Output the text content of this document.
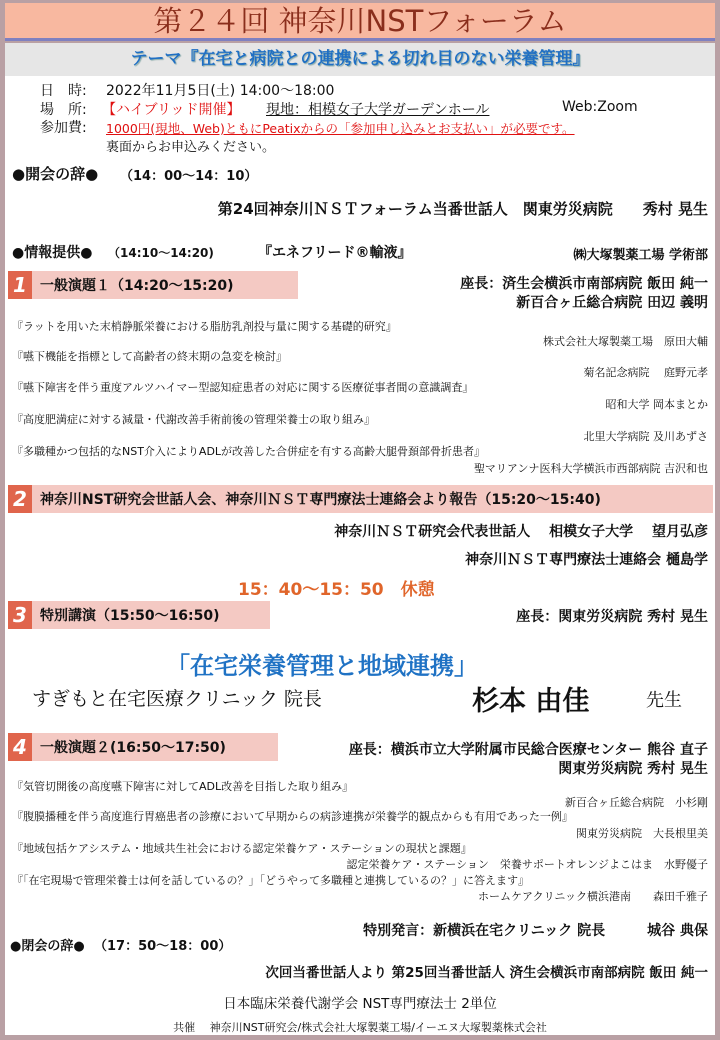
第２４回 神奈川NSTフォーラム
テーマ『在宅と病院との連携による切れ目のない栄養管理』
日　時: 2022年11月5日(土) 14:00～18:00
場　所: 【ハイブリッド開催】 現地：相模女子大学ガーデンホール	Web:Zoom
参加費: 1000円(現地、Web)ともにPeatixからの「参加申し込みとお支払い」が必要です。
裏面からお申込みください。
●開会の辞● （14：00～14：10）
第24回神奈川ＮＳＴフォーラム当番世話人　関東労災病院　　秀村 晃生
●情報提供● （14:10～14:20)	『エネフリード®輸液』	㈱大塚製薬工場 学術部
1 一般演題１（14:20～15:20)	座長：済生会横浜市南部病院 飯田 純一
新百合ヶ丘総合病院 田辺 義明
『ラットを用いた末梢静脈栄養における脂肪乳剤投与量に関する基礎的研究』
株式会社大塚製薬工場　原田大輔
『嚥下機能を指標として高齢者の終末期の急変を検討』
菊名記念病院　 庭野元孝
『嚥下障害を伴う重度アルツハイマー型認知症患者の対応に関する医療従事者間の意識調査』
昭和大学 岡本まとか
『高度肥満症に対する減量・代謝改善手術前後の管理栄養士の取り組み』
北里大学病院 及川あずさ
『多職種かつ包括的なNST介入によりADLが改善した合併症を有する高齢大腿骨頚部骨折患者』
聖マリアンナ医科大学横浜市西部病院 吉沢和也
2 神奈川NST研究会世話人会、神奈川ＮＳＴ専門療法士連絡会より報告（15:20～15:40)
神奈川ＮＳＴ研究会代表世話人　 相模女子大学 　望月弘彦
神奈川ＮＳＴ専門療法士連絡会 樋島学
15：40～15：50　休憩
3 特別講演（15:50～16:50)	座長：関東労災病院 秀村 晃生
「在宅栄養管理と地域連携」
すぎもと在宅医療クリニック 院長	杉本 由佳	先生
4 一般演題２(16:50～17:50)	座長：横浜市立大学附属市民総合医療センター 熊谷 直子
関東労災病院 秀村 晃生
『気管切開後の高度嚥下障害に対してADL改善を目指した取り組み』
新百合ヶ丘総合病院　小杉剛
『腹膜播種を伴う高度進行胃癌患者の診療において早期からの病診連携が栄養学的観点からも有用であった一例』
関東労災病院　大長根里美
『地域包括ケアシステム・地域共生社会における認定栄養ケア・ステーションの現状と課題』
認定栄養ケア・ステーション　栄養サポートオレンジよこはま　水野優子
『「在宅現場で管理栄養士は何を話しているの？」「どうやって多職種と連携しているの？」に答えます』
ホームケアクリニック横浜港南　　森田千雅子
特別発言：新横浜在宅クリニック 院長　　　城谷 典保
●閉会の辞● （17：50～18：00）
次回当番世話人より 第25回当番世話人 済生会横浜市南部病院 飯田 純一
日本臨床栄養代謝学会 NST専門療法士 2単位
共催　 神奈川NST研究会/株式会社大塚製薬工場/イーエヌ大塚製薬株式会社
